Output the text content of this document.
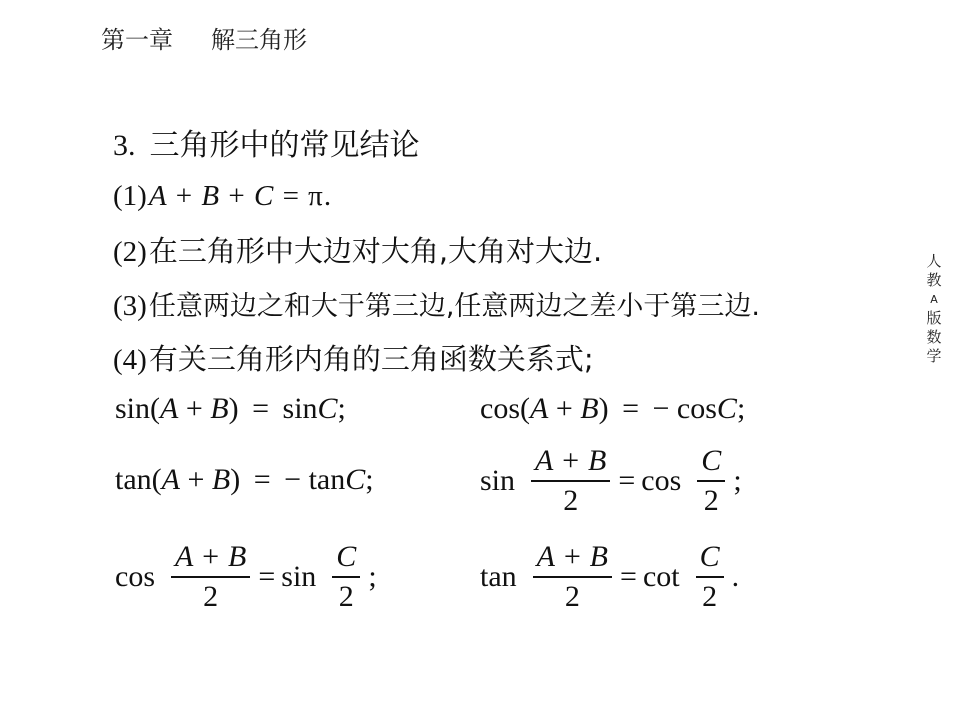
第一章 解三角形
人
教
A
版
数
学
3. 三角形中的常见结论
(1)A + B + C = π.
(2)在三角形中大边对大角,大角对大边.
(3)任意两边之和大于第三边,任意两边之差小于第三边.
(4)有关三角形内角的三角函数关系式;
sin(A + B) = sinC;	cos(A + B) = − cosC;
tan(A + B) = − tanC;	$\sin \frac{A + B}{2} = \cos \frac{C}{2}$ ;
$\cos \frac{A + B}{2} = \sin \frac{C}{2}$ ;	$\tan \frac{A + B}{2} = \cot \frac{C}{2}$ .
